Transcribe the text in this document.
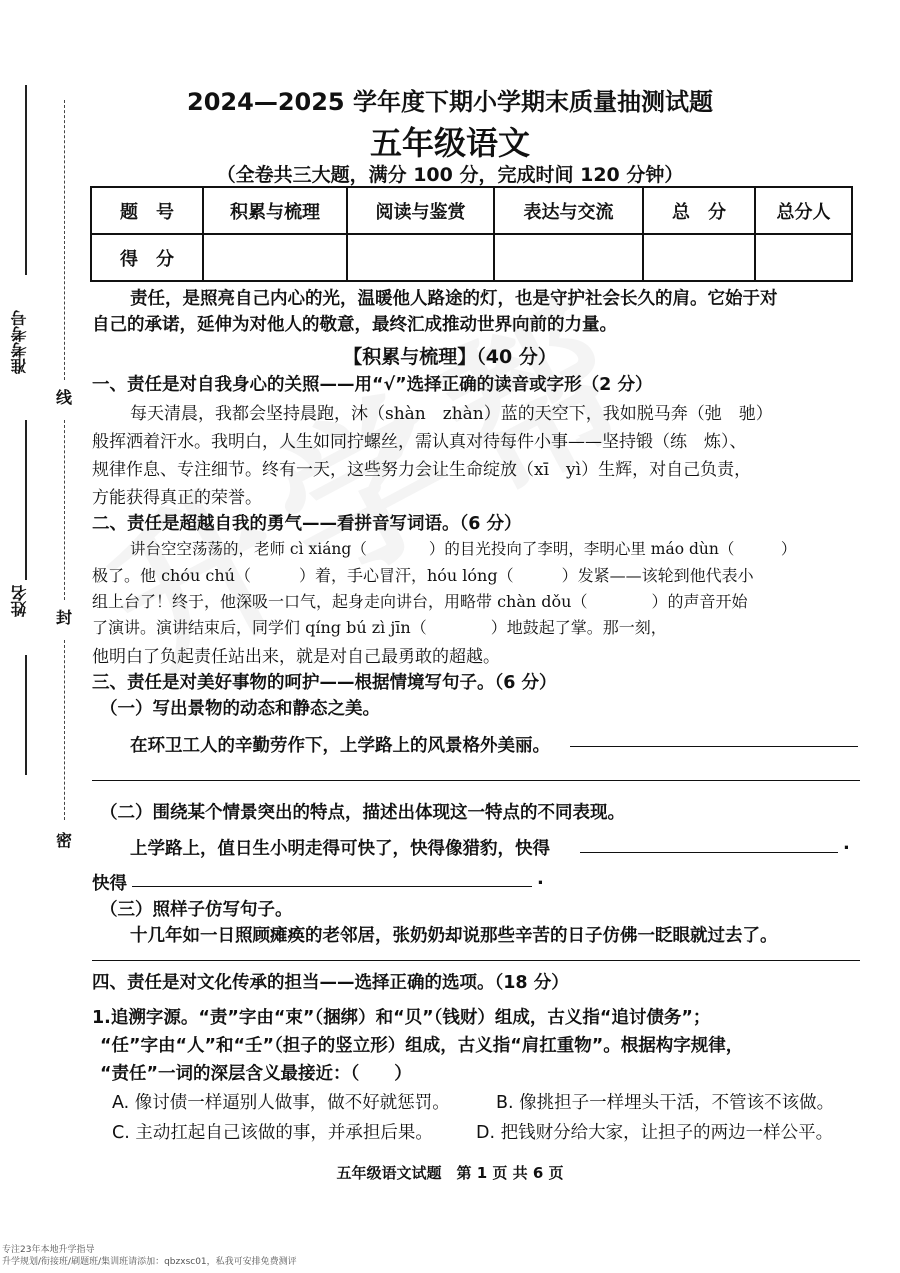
准考考号
姓名
线
封
密
2024—2025 学年度下期小学期末质量抽测试题
五年级语文
（全卷共三大题，满分 100 分，完成时间 120 分钟）
题　号	积累与梳理	阅读与鉴赏	表达与交流	总　分	总分人
得　分					
责任，是照亮自己内心的光，温暖他人路途的灯，也是守护社会长久的肩。它始于对
自己的承诺，延伸为对他人的敬意，最终汇成推动世界向前的力量。
【积累与梳理】（40 分）
一、责任是对自我身心的关照——用“√”选择正确的读音或字形（2 分）
每天清晨，我都会坚持晨跑，沐（shàn　zhàn）蓝的天空下，我如脱马奔（弛　驰）
般挥洒着汗水。我明白，人生如同拧螺丝，需认真对待每件小事——坚持锻（练　炼）、
规律作息、专注细节。终有一天，这些努力会让生命绽放（xī　yì）生辉，对自己负责，
方能获得真正的荣誉。
二、责任是超越自我的勇气——看拼音写词语。（6 分）
讲台空空荡荡的，老师 cì xiáng（　　　　）的目光投向了李明，李明心里 máo dùn（　　　）
极了。他 chóu chú（　　　）着，手心冒汗，hóu lóng（　　　）发紧——该轮到他代表小
组上台了！终于，他深吸一口气，起身走向讲台，用略带 chàn dǒu（　　　　）的声音开始
了演讲。演讲结束后，同学们 qíng bú zì jīn（　　　　）地鼓起了掌。那一刻，
他明白了负起责任站出来，就是对自己最勇敢的超越。
三、责任是对美好事物的呵护——根据情境写句子。（6 分）
（一）写出景物的动态和静态之美。
在环卫工人的辛勤劳作下，上学路上的风景格外美丽。
（二）围绕某个情景突出的特点，描述出体现这一特点的不同表现。
上学路上，值日生小明走得可快了，快得像猎豹，快得	.
快得	.
（三）照样子仿写句子。
十几年如一日照顾瘫痪的老邻居，张奶奶却说那些辛苦的日子仿佛一眨眼就过去了。
四、责任是对文化传承的担当——选择正确的选项。（18 分）
1.追溯字源。“责”字由“束”（捆绑）和“贝”（钱财）组成，古义指“追讨债务”；
“任”字由“人”和“壬”（担子的竖立形）组成，古义指“肩扛重物”。根据构字规律，
“责任”一词的深层含义最接近：（　　）
A. 像讨债一样逼别人做事，做不好就惩罚。	B. 像挑担子一样埋头干活，不管该不该做。
C. 主动扛起自己该做的事，并承担后果。 D. 把钱财分给大家，让担子的两边一样公平。
五年级语文试题　第 1 页 共 6 页
专注23年本地升学指导
升学规划/衔接班/刷题班/集训班请添加：qbzxsc01，私我可安排免费测评
